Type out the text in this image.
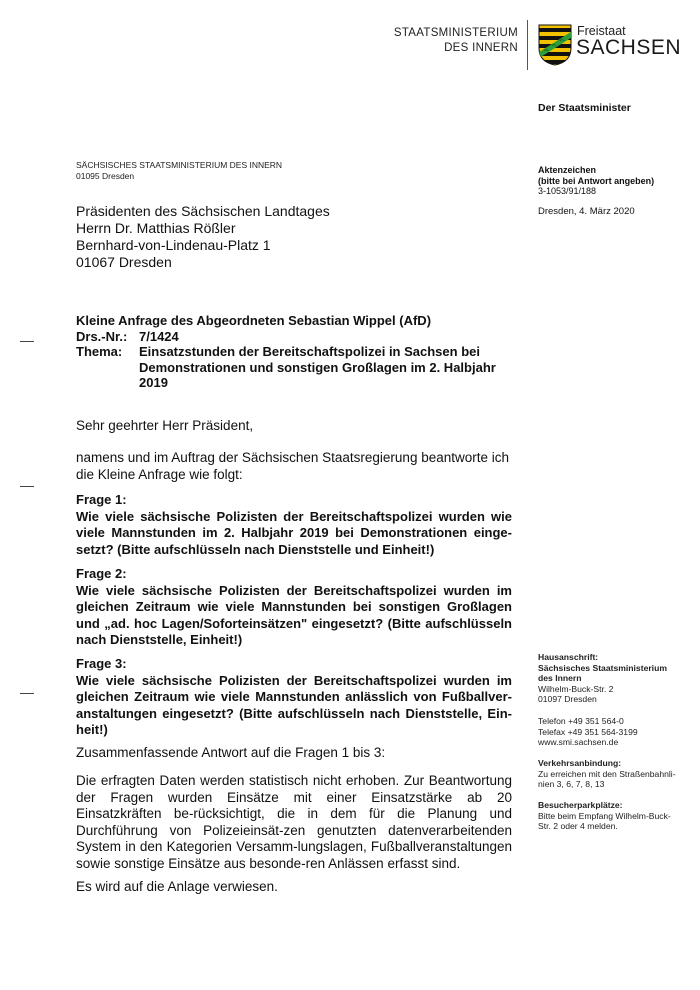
STAATSMINISTERIUM
DES INNERN
Freistaat
SACHSEN
Der Staatsminister
SÄCHSISCHES STAATSMINISTERIUM DES INNERN
01095 Dresden
Präsidenten des Sächsischen Landtages
Herrn Dr. Matthias Rößler
Bernhard-von-Lindenau-Platz 1
01067 Dresden
Aktenzeichen
(bitte bei Antwort angeben)
3-1053/91/188
Dresden, 4. März 2020
Kleine Anfrage des Abgeordneten Sebastian Wippel (AfD)
Drs.-Nr.: 7/1424
Thema:	Einsatzstunden der Bereitschaftspolizei in Sachsen bei Demonstrationen und sonstigen Großlagen im 2. Halbjahr 2019
Sehr geehrter Herr Präsident,
namens und im Auftrag der Sächsischen Staatsregierung beantworte ich die Kleine Anfrage wie folgt:
Frage 1:
Wie viele sächsische Polizisten der Bereitschaftspolizei wurden wie viele Mannstunden im 2. Halbjahr 2019 bei Demonstrationen einge-setzt? (Bitte aufschlüsseln nach Dienststelle und Einheit!)
Frage 2:
Wie viele sächsische Polizisten der Bereitschaftspolizei wurden im gleichen Zeitraum wie viele Mannstunden bei sonstigen Großlagen und „ad. hoc Lagen/Soforteinsätzen" eingesetzt? (Bitte aufschlüsseln nach Dienststelle, Einheit!)
Frage 3:
Wie viele sächsische Polizisten der Bereitschaftspolizei wurden im gleichen Zeitraum wie viele Mannstunden anlässlich von Fußballver-anstaltungen eingesetzt? (Bitte aufschlüsseln nach Dienststelle, Ein-heit!)
Zusammenfassende Antwort auf die Fragen 1 bis 3:
Die erfragten Daten werden statistisch nicht erhoben. Zur Beantwortung der Fragen wurden Einsätze mit einer Einsatzstärke ab 20 Einsatzkräften be-rücksichtigt, die in dem für die Planung und Durchführung von Polizeieinsät-zen genutzten datenverarbeitenden System in den Kategorien Versamm-lungslagen, Fußballveranstaltungen sowie sonstige Einsätze aus besonde-ren Anlässen erfasst sind.
Es wird auf die Anlage verwiesen.
Hausanschrift:
Sächsisches Staatsministerium
des Innern
Wilhelm-Buck-Str. 2
01097 Dresden
Telefon +49 351 564-0
Telefax +49 351 564-3199
www.smi.sachsen.de
Verkehrsanbindung:
Zu erreichen mit den Straßenbahnli-
nien 3, 6, 7, 8, 13
Besucherparkplätze:
Bitte beim Empfang Wilhelm-Buck-
Str. 2 oder 4 melden.
